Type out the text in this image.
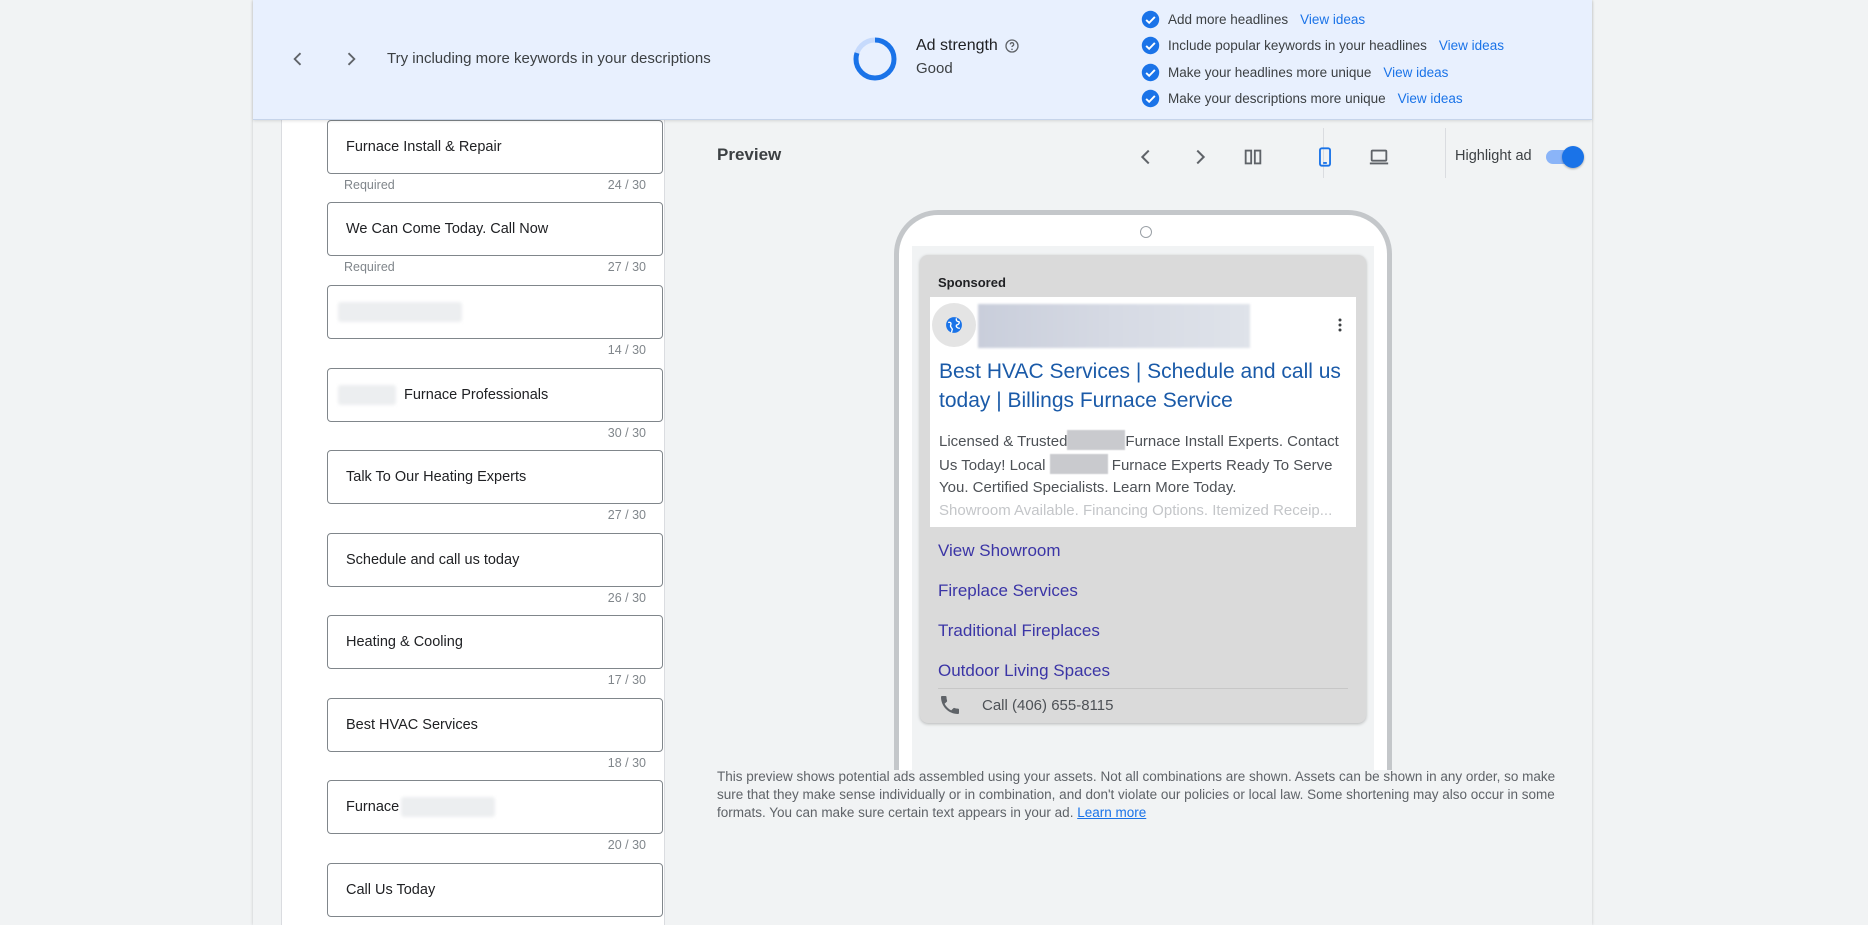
Furnace Install & Repair
Required	24 / 30
We Can Come Today. Call Now
Required	27 / 30
14 / 30
Furnace Professionals
30 / 30
Talk To Our Heating Experts
27 / 30
Schedule and call us today
26 / 30
Heating & Cooling
17 / 30
Best HVAC Services
18 / 30
Furnace
20 / 30
Call Us Today
Try including more keywords in your descriptions
Ad strength
Good
Add more headlines View ideas
Include popular keywords in your headlines View ideas
Make your headlines more unique View ideas
Make your descriptions more unique View ideas
Preview	Highlight ad
Sponsored
Best HVAC Services | Schedule and call us today | Billings Furnace Service
Licensed & Trusted	Furnace Install Experts. Contact Us Today! Local	Furnace Experts Ready To Serve You. Certified Specialists. Learn More Today.
Showroom Available. Financing Options. Itemized Receip...
View Showroom
Fireplace Services
Traditional Fireplaces
Outdoor Living Spaces
Call (406) 655-8115
This preview shows potential ads assembled using your assets. Not all combinations are shown. Assets can be shown in any order, so make sure that they make sense individually or in combination, and don't violate our policies or local law. Some shortening may also occur in some formats. You can make sure certain text appears in your ad. Learn more
